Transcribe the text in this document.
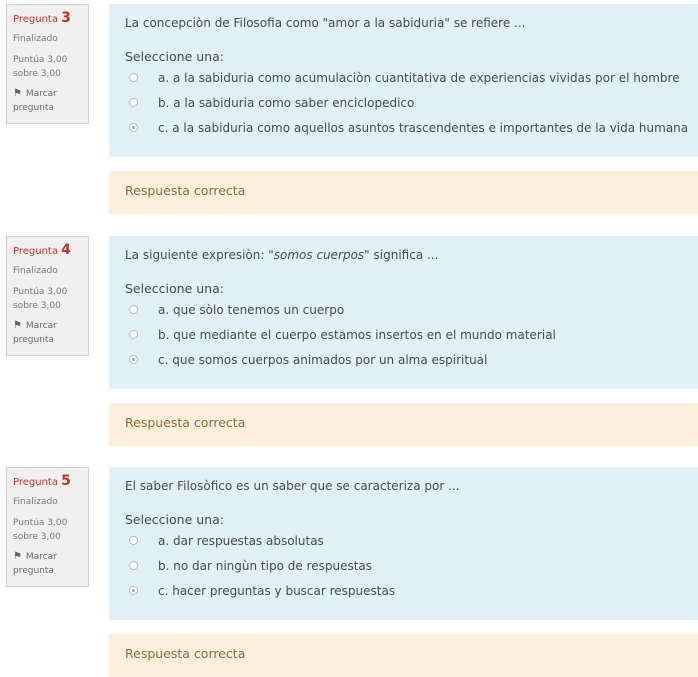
Pregunta 3
Finalizado
Puntúa 3,00
sobre 3,00
⚑ Marcar
pregunta
La concepciòn de Filosofia como "amor a la sabiduria" se refiere ...
Seleccione una:
a. a la sabiduria como acumulaciòn cuantitativa de experiencias vividas por el hombre
b. a la sabiduria como saber enciclopedico
c. a la sabiduria como aquellos asuntos trascendentes e importantes de la vida humana
Respuesta correcta
Pregunta 4
Finalizado
Puntúa 3,00
sobre 3,00
⚑ Marcar
pregunta
La siguiente expresiòn: "somos cuerpos" significa ...
Seleccione una:
a. que sòlo tenemos un cuerpo
b. que mediante el cuerpo estamos insertos en el mundo material
c. que somos cuerpos animados por un alma espiritual
Respuesta correcta
Pregunta 5
Finalizado
Puntúa 3,00
sobre 3,00
⚑ Marcar
pregunta
El saber Filosòfico es un saber que se caracteriza por ...
Seleccione una:
a. dar respuestas absolutas
b. no dar ningùn tipo de respuestas
c. hacer preguntas y buscar respuestas
Respuesta correcta
